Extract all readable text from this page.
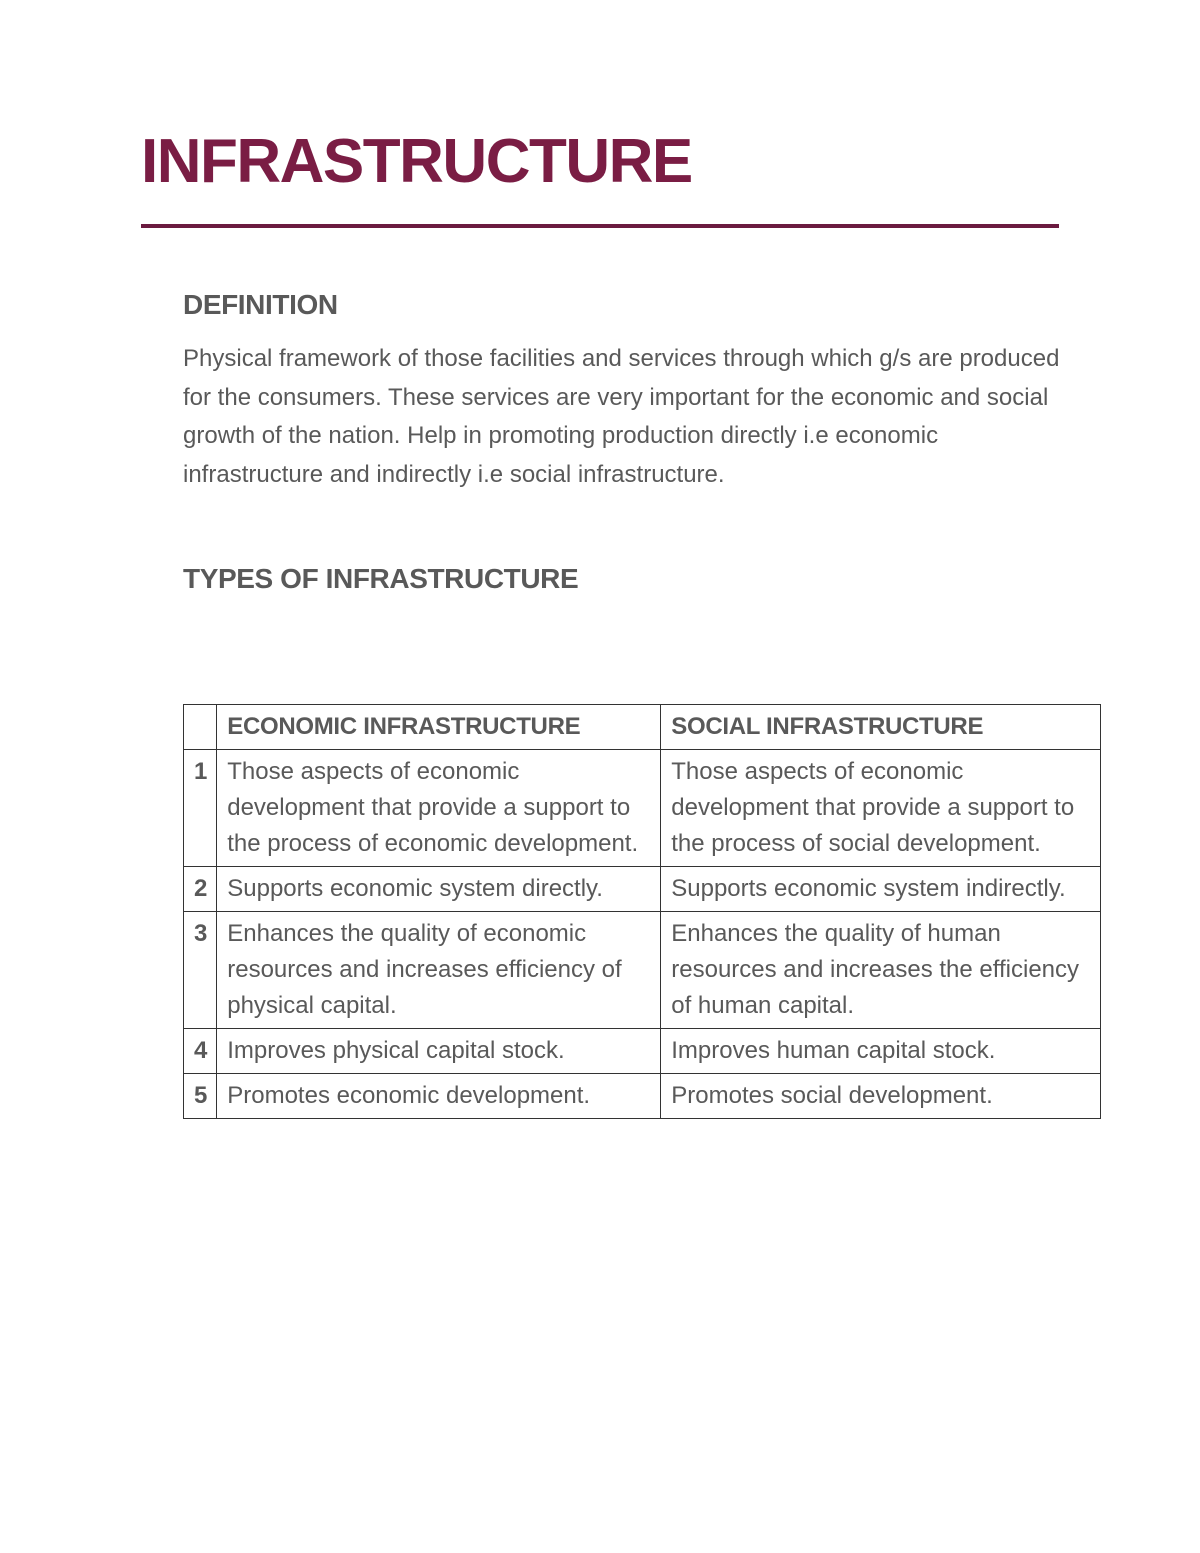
INFRASTRUCTURE
DEFINITION

Physical framework of those facilities and services through which g/s are produced for the consumers. These services are very important for the economic and social growth of the nation. Help in promoting production directly i.e economic infrastructure and indirectly i.e social infrastructure.

TYPES OF INFRASTRUCTURE
	ECONOMIC INFRASTRUCTURE	SOCIAL INFRASTRUCTURE
1	Those aspects of economic development that provide a support to the process of economic development.	Those aspects of economic development that provide a support to the process of social development.
2	Supports economic system directly.	Supports economic system indirectly.
3	Enhances the quality of economic resources and increases efficiency of physical capital.	Enhances the quality of human resources and increases the efficiency of human capital.
4	Improves physical capital stock.	Improves human capital stock.
5	Promotes economic development.	Promotes social development.
